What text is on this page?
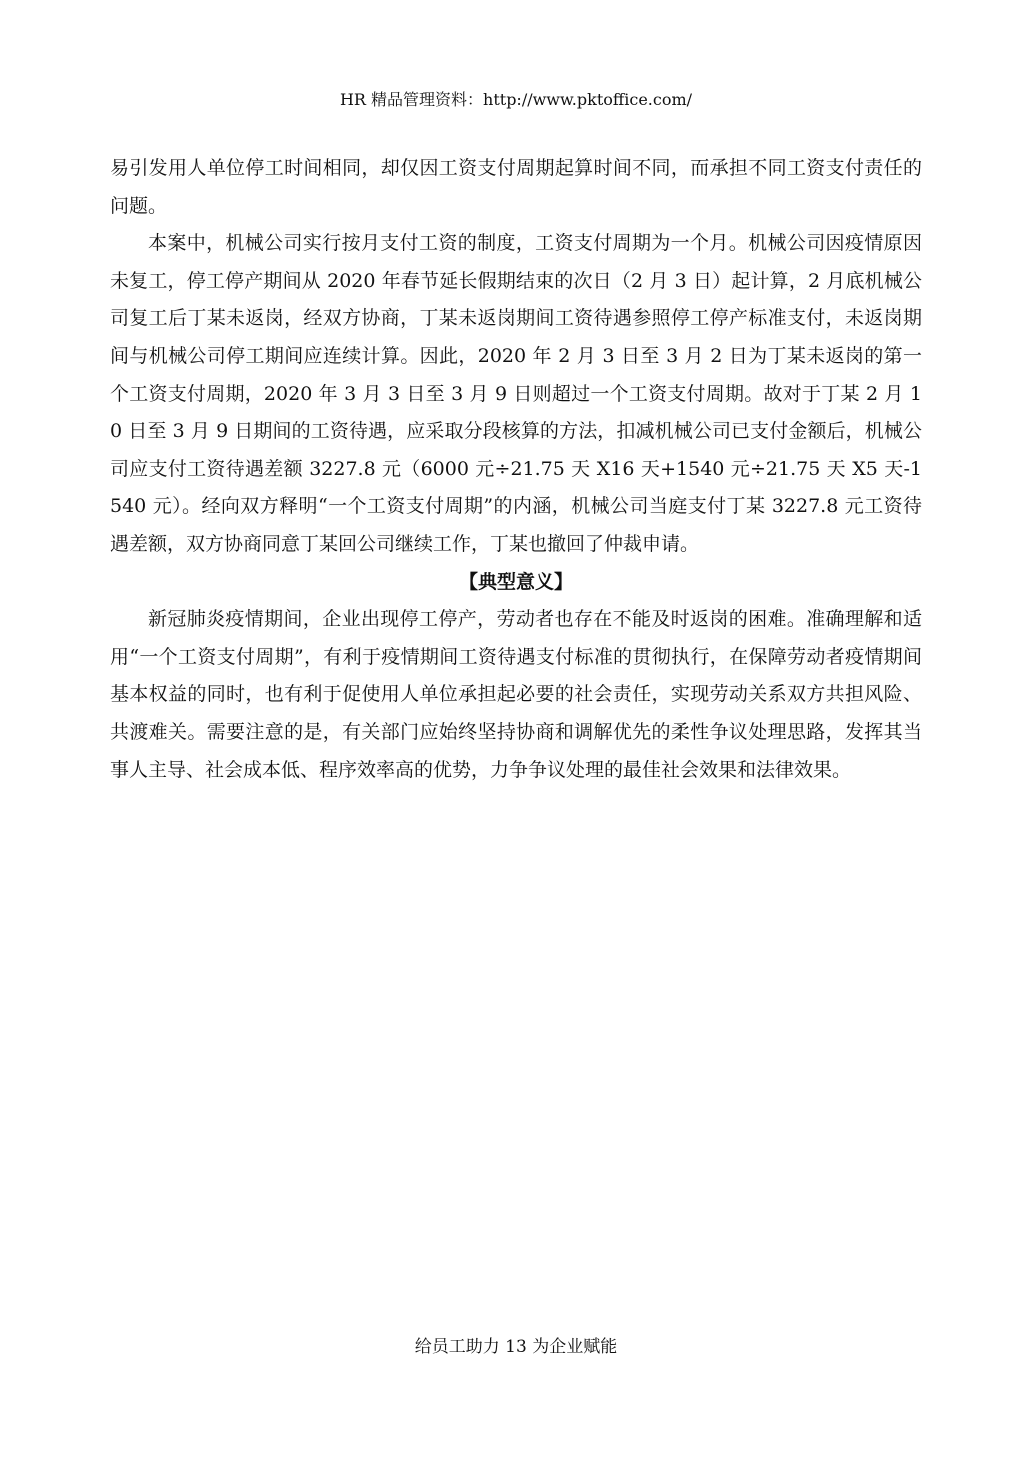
HR 精品管理资料：http://www.pktoffice.com/

易引发用人单位停工时间相同，却仅因工资支付周期起算时间不同，而承担不同工资支付责任的问题。

本案中，机械公司实行按月支付工资的制度，工资支付周期为一个月。机械公司因疫情原因未复工，停工停产期间从 2020 年春节延长假期结束的次日（2 月 3 日）起计算，2 月底机械公司复工后丁某未返岗，经双方协商，丁某未返岗期间工资待遇参照停工停产标准支付，未返岗期间与机械公司停工期间应连续计算。因此，2020 年 2 月 3 日至 3 月 2 日为丁某未返岗的第一个工资支付周期，2020 年 3 月 3 日至 3 月 9 日则超过一个工资支付周期。故对于丁某 2 月 10 日至 3 月 9 日期间的工资待遇，应采取分段核算的方法，扣减机械公司已支付金额后，机械公司应支付工资待遇差额 3227.8 元（6000 元÷21.75 天 X16 天+1540 元÷21.75 天 X5 天-1540 元）。经向双方释明“一个工资支付周期”的内涵，机械公司当庭支付丁某 3227.8 元工资待遇差额，双方协商同意丁某回公司继续工作，丁某也撤回了仲裁申请。

【典型意义】

新冠肺炎疫情期间，企业出现停工停产，劳动者也存在不能及时返岗的困难。准确理解和适用“一个工资支付周期”，有利于疫情期间工资待遇支付标准的贯彻执行，在保障劳动者疫情期间基本权益的同时，也有利于促使用人单位承担起必要的社会责任，实现劳动关系双方共担风险、共渡难关。需要注意的是，有关部门应始终坚持协商和调解优先的柔性争议处理思路，发挥其当事人主导、社会成本低、程序效率高的优势，力争争议处理的最佳社会效果和法律效果。

给员工助力 13 为企业赋能
